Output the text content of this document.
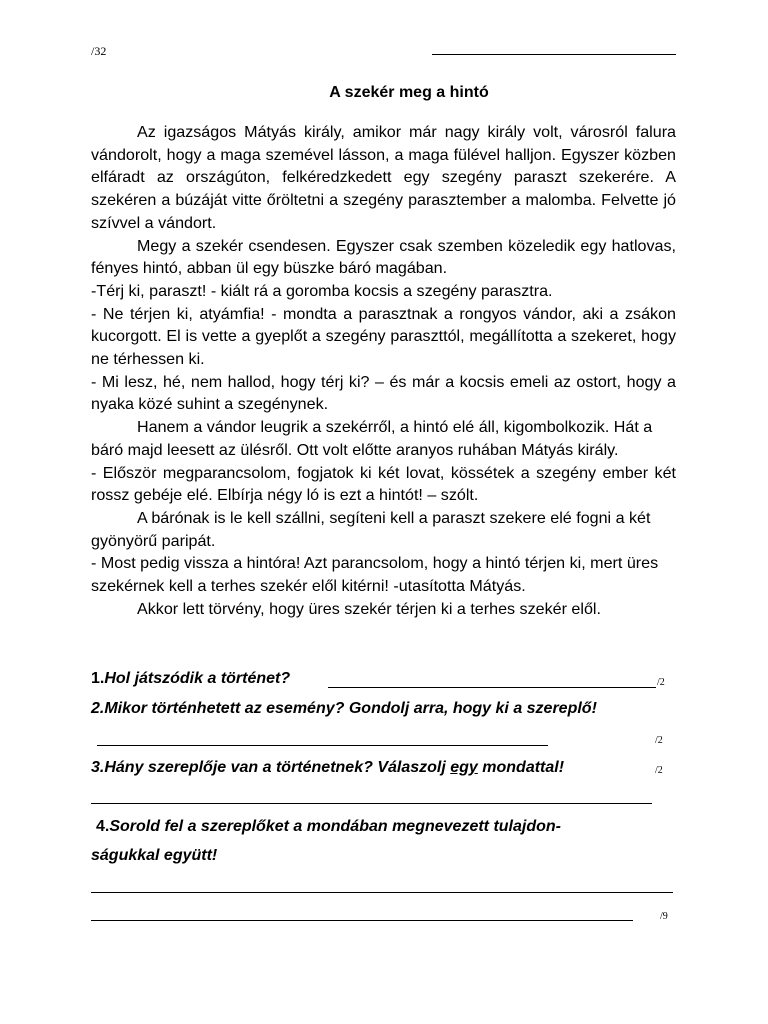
/32
A szekér meg a hintó

Az igazságos Mátyás király, amikor már nagy király volt, városról falura vándorolt, hogy a maga szemével lásson, a maga fülével halljon. Egyszer közben elfáradt az országúton, felkéredzkedett egy szegény paraszt szekerére. A szekéren a búzáját vitte őröltetni a szegény parasztember a malomba. Felvette jó szívvel a vándort.

Megy a szekér csendesen. Egyszer csak szemben közeledik egy hatlovas, fényes hintó, abban ül egy büszke báró magában.

-Térj ki, paraszt! - kiált rá a goromba kocsis a szegény parasztra.

- Ne térjen ki, atyámfia! - mondta a parasztnak a rongyos vándor, aki a zsákon kucorgott. El is vette a gyeplőt a szegény paraszttól, megállította a szekeret, hogy ne térhessen ki.

- Mi lesz, hé, nem hallod, hogy térj ki? – és már a kocsis emeli az ostort, hogy a nyaka közé suhint a szegénynek.

Hanem a vándor leugrik a szekérről, a hintó elé áll, kigombolkozik. Hát a báró majd leesett az ülésről. Ott volt előtte aranyos ruhában Mátyás király.

- Először megparancsolom, fogjatok ki két lovat, kössétek a szegény ember két rossz gebéje elé. Elbírja négy ló is ezt a hintót! – szólt.

A bárónak is le kell szállni, segíteni kell a paraszt szekere elé fogni a két gyönyörű paripát.

- Most pedig vissza a hintóra! Azt parancsolom, hogy a hintó térjen ki, mert üres szekérnek kell a terhes szekér elől kitérni! -utasította Mátyás.

Akkor lett törvény, hogy üres szekér térjen ki a terhes szekér elől.

1.Hol játszódik a történet?	/2
2.Mikor történhetett az esemény? Gondolj arra, hogy ki a szereplő!
/2
3.Hány szereplője van a történetnek? Válaszolj egy mondattal!	/2
4.Sorold fel a szereplőket a mondában megnevezett tulajdon-
ságukkal együtt!
/9
